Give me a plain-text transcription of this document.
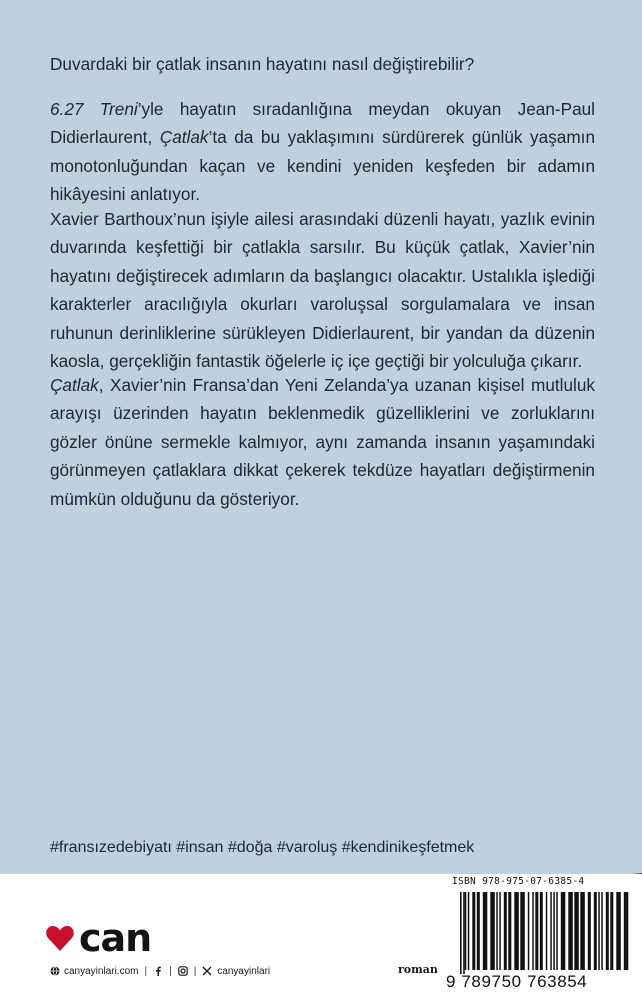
Duvardaki bir çatlak insanın hayatını nasıl değiştirebilir?

6.27 Treni’yle hayatın sıradanlığına meydan okuyan Jean-Paul Didierlaurent, Çatlak’ta da bu yaklaşımını sürdürerek günlük yaşamın monotonluğundan kaçan ve kendini yeniden keşfeden bir adamın hikâyesini anlatıyor.

Xavier Barthoux’nun işiyle ailesi arasındaki düzenli hayatı, yazlık evinin duvarında keşfettiği bir çatlakla sarsılır. Bu küçük çatlak, Xavier’nin hayatını değiştirecek adımların da başlangıcı olacaktır. Ustalıkla işlediği karakterler aracılığıyla okurları varoluşsal sorgulamalara ve insan ruhunun derinliklerine sürükleyen Didierlaurent, bir yandan da düzenin kaosla, gerçekliğin fantastik öğelerle iç içe geçtiği bir yolculuğa çıkarır.

Çatlak, Xavier’nin Fransa’dan Yeni Zelanda’ya uzanan kişisel mutluluk arayışı üzerinden hayatın beklenmedik güzelliklerini ve zorluklarını gözler önüne sermekle kalmıyor, aynı zamanda insanın yaşamındaki görünmeyen çatlaklara dikkat çekerek tekdüze hayatları değiştirmenin mümkün olduğunu da gösteriyor.

#fransızedebiyatı #insan #doğa #varoluş #kendinikeşfetmek

can
canyayinlari.com | | | canyayinlari	roman
ISBN 978-975-07-6385-4
9 789750 763854
